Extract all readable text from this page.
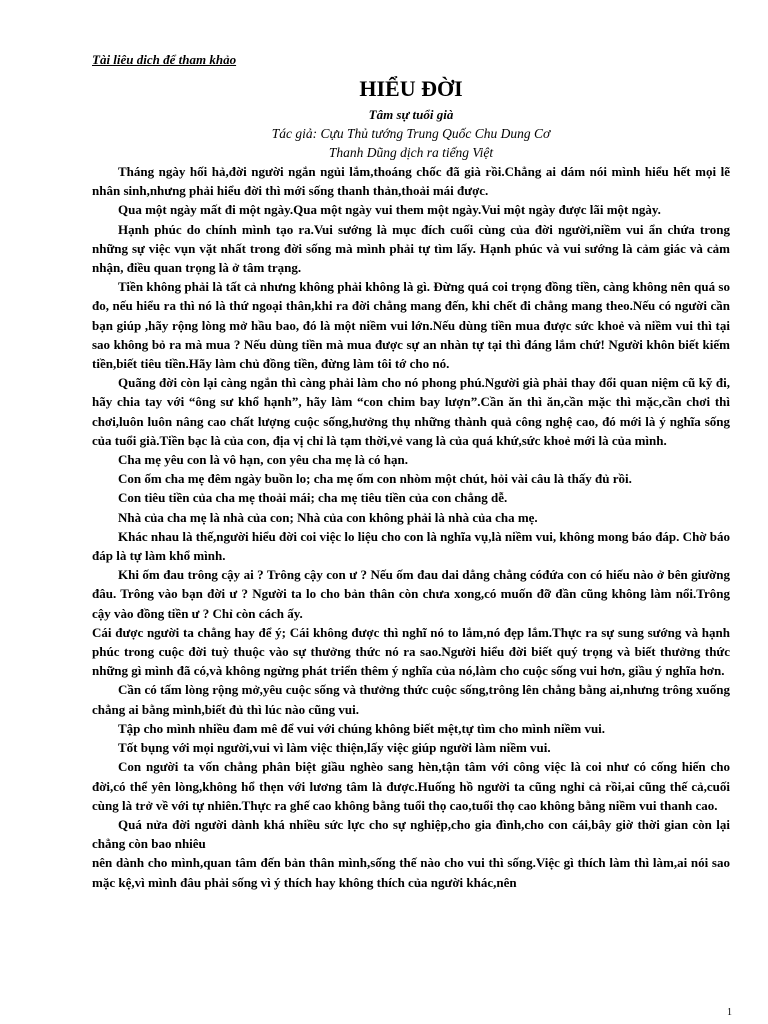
Tài liêu dich để tham khảo

HIỂU ĐỜI

Tâm sự tuổi già

Tác giả: Cựu Thủ tướng Trung Quốc Chu Dung Cơ

Thanh Dũng dịch ra tiếng Việt

Tháng ngày hối hả,đời người ngắn ngủi lắm,thoáng chốc đã già rồi.Chẳng ai dám nói mình hiểu hết mọi lẽ nhân sinh,nhưng phải hiểu đời thì mới sống thanh thản,thoải mái được.

Qua một ngày mất đi một ngày.Qua một ngày vui them một ngày.Vui một ngày được lãi một ngày.

Hạnh phúc do chính mình tạo ra.Vui sướng là mục đích cuối cùng của đời người,niềm vui ẩn chứa trong những sự việc vụn vặt nhất trong đời sống mà mình phải tự tìm lấy. Hạnh phúc và vui sướng là cảm giác và cảm nhận, điều quan trọng là ở tâm trạng.

Tiền không phải là tất cả nhưng không phải không là gì. Đừng quá coi trọng đồng tiền, càng không nên quá so đo, nếu hiểu ra thì nó là thứ ngoại thân,khi ra đời chẳng mang đến, khi chết đi chẳng mang theo.Nếu có người cần bạn giúp ,hãy rộng lòng mở hầu bao, đó là một niềm vui lớn.Nếu dùng tiền mua được sức khoẻ và niềm vui thì tại sao không bỏ ra mà mua ? Nếu dùng tiền mà mua được sự an nhàn tự tại thì đáng lắm chứ! Người khôn biết kiếm tiền,biết tiêu tiền.Hãy làm chủ đồng tiền, đừng làm tôi tớ cho nó.

Quãng đời còn lại càng ngắn thì càng phải làm cho nó phong phú.Người già phải thay đổi quan niệm cũ kỹ đi, hãy chia tay với “ông sư khổ hạnh”, hãy làm “con chim bay lượn”.Cần ăn thì ăn,cần mặc thì mặc,cần chơi thì chơi,luôn luôn nâng cao chất lượng cuộc sống,hưởng thụ những thành quả công nghệ cao, đó mới là ý nghĩa sống của tuổi già.Tiền bạc là của con, địa vị chỉ là tạm thời,vẻ vang là của quá khứ,sức khoẻ mới là của mình.

Cha mẹ yêu con là vô hạn, con yêu cha mẹ là có hạn.

Con ốm cha mẹ đêm ngày buồn lo; cha mẹ ốm con nhòm một chút, hỏi vài câu là thấy đủ rồi.

Con tiêu tiền của cha mẹ thoải mái; cha mẹ tiêu tiền của con chẳng dễ.

Nhà của cha mẹ là nhà của con; Nhà của con không phải là nhà của cha mẹ.

Khác nhau là thế,người hiểu đời coi việc lo liệu cho con là nghĩa vụ,là niềm vui, không mong báo đáp. Chờ báo đáp là tự làm khổ mình.

Khi ốm đau trông cậy ai ? Trông cậy con ư ? Nếu ốm đau dai dẳng chẳng cóđứa con có hiếu nào ở bên giường đâu. Trông vào bạn đời ư ? Người ta lo cho bản thân còn chưa xong,có muốn đỡ đần cũng không làm nổi.Trông cậy vào đồng tiền ư ? Chỉ còn cách ấy.

Cái được người ta chẳng hay để ý; Cái không được thì nghĩ nó to lắm,nó đẹp lắm.Thực ra sự sung sướng và hạnh phúc trong cuộc đời tuỳ thuộc vào sự thưởng thức nó ra sao.Người hiểu đời biết quý trọng và biết thưởng thức những gì mình đã có,và không ngừng phát triển thêm ý nghĩa của nó,làm cho cuộc sống vui hơn, giầu ý nghĩa hơn.

Cần có tấm lòng rộng mở,yêu cuộc sống và thưởng thức cuộc sống,trông lên chẳng bằng ai,nhưng trông xuống chẳng ai bằng mình,biết đủ thì lúc nào cũng vui.

Tập cho mình nhiều đam mê để vui với chúng không biết mệt,tự tìm cho mình niềm vui.

Tốt bụng với mọi người,vui vì làm việc thiện,lấy việc giúp người làm niềm vui.

Con người ta vốn chẳng phân biệt giầu nghèo sang hèn,tận tâm với công việc là coi như có cống hiến cho đời,có thể yên lòng,không hổ thẹn với lương tâm là được.Huống hồ người ta cũng nghỉ cả rồi,ai cũng thế cả,cuối cùng là trở về với tự nhiên.Thực ra ghế cao không bằng tuổi thọ cao,tuổi thọ cao không bằng niềm vui thanh cao.

Quá nửa đời người dành khá nhiều sức lực cho sự nghiệp,cho gia đình,cho con cái,bây giờ thời gian còn lại chẳng còn bao nhiêu

nên dành cho mình,quan tâm đến bản thân mình,sống thế nào cho vui thì sống.Việc gì thích làm thì làm,ai nói sao mặc kệ,vì mình đâu phải sống vì ý thích hay không thích của người khác,nên

1
